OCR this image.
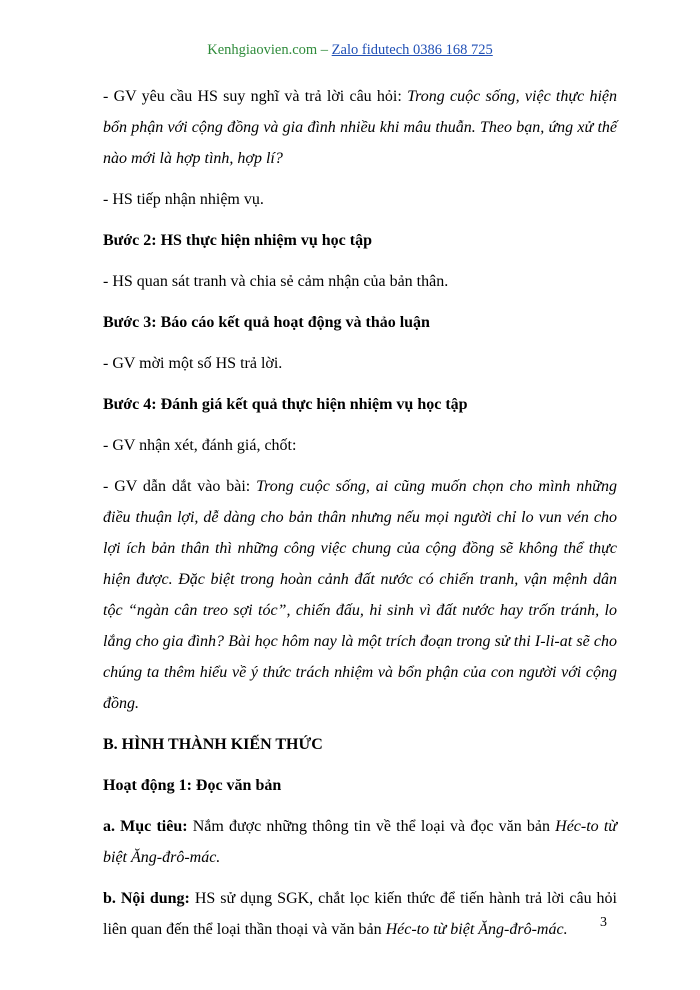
Kenhgiaovien.com – Zalo fidutech 0386 168 725

- GV yêu cầu HS suy nghĩ và trả lời câu hỏi: Trong cuộc sống, việc thực hiện bổn phận với cộng đồng và gia đình nhiều khi mâu thuẫn. Theo bạn, ứng xử thế nào mới là hợp tình, hợp lí?

- HS tiếp nhận nhiệm vụ.

Bước 2: HS thực hiện nhiệm vụ học tập

- HS quan sát tranh và chia sẻ cảm nhận của bản thân.

Bước 3: Báo cáo kết quả hoạt động và thảo luận

- GV mời một số HS trả lời.

Bước 4: Đánh giá kết quả thực hiện nhiệm vụ học tập

- GV nhận xét, đánh giá, chốt:

- GV dẫn dắt vào bài: Trong cuộc sống, ai cũng muốn chọn cho mình những điều thuận lợi, dễ dàng cho bản thân nhưng nếu mọi người chỉ lo vun vén cho lợi ích bản thân thì những công việc chung của cộng đồng sẽ không thể thực hiện được. Đặc biệt trong hoàn cảnh đất nước có chiến tranh, vận mệnh dân tộc “ngàn cân treo sợi tóc”, chiến đấu, hi sinh vì đất nước hay trốn tránh, lo lắng cho gia đình? Bài học hôm nay là một trích đoạn trong sử thi I-li-at sẽ cho chúng ta thêm hiểu về ý thức trách nhiệm và bổn phận của con người với cộng đồng.

B. HÌNH THÀNH KIẾN THỨC

Hoạt động 1: Đọc văn bản

a. Mục tiêu: Nắm được những thông tin về thể loại và đọc văn bản Héc-to từ biệt Ăng-đrô-mác.

b. Nội dung: HS sử dụng SGK, chắt lọc kiến thức để tiến hành trả lời câu hỏi liên quan đến thể loại thần thoại và văn bản Héc-to từ biệt Ăng-đrô-mác.	3
